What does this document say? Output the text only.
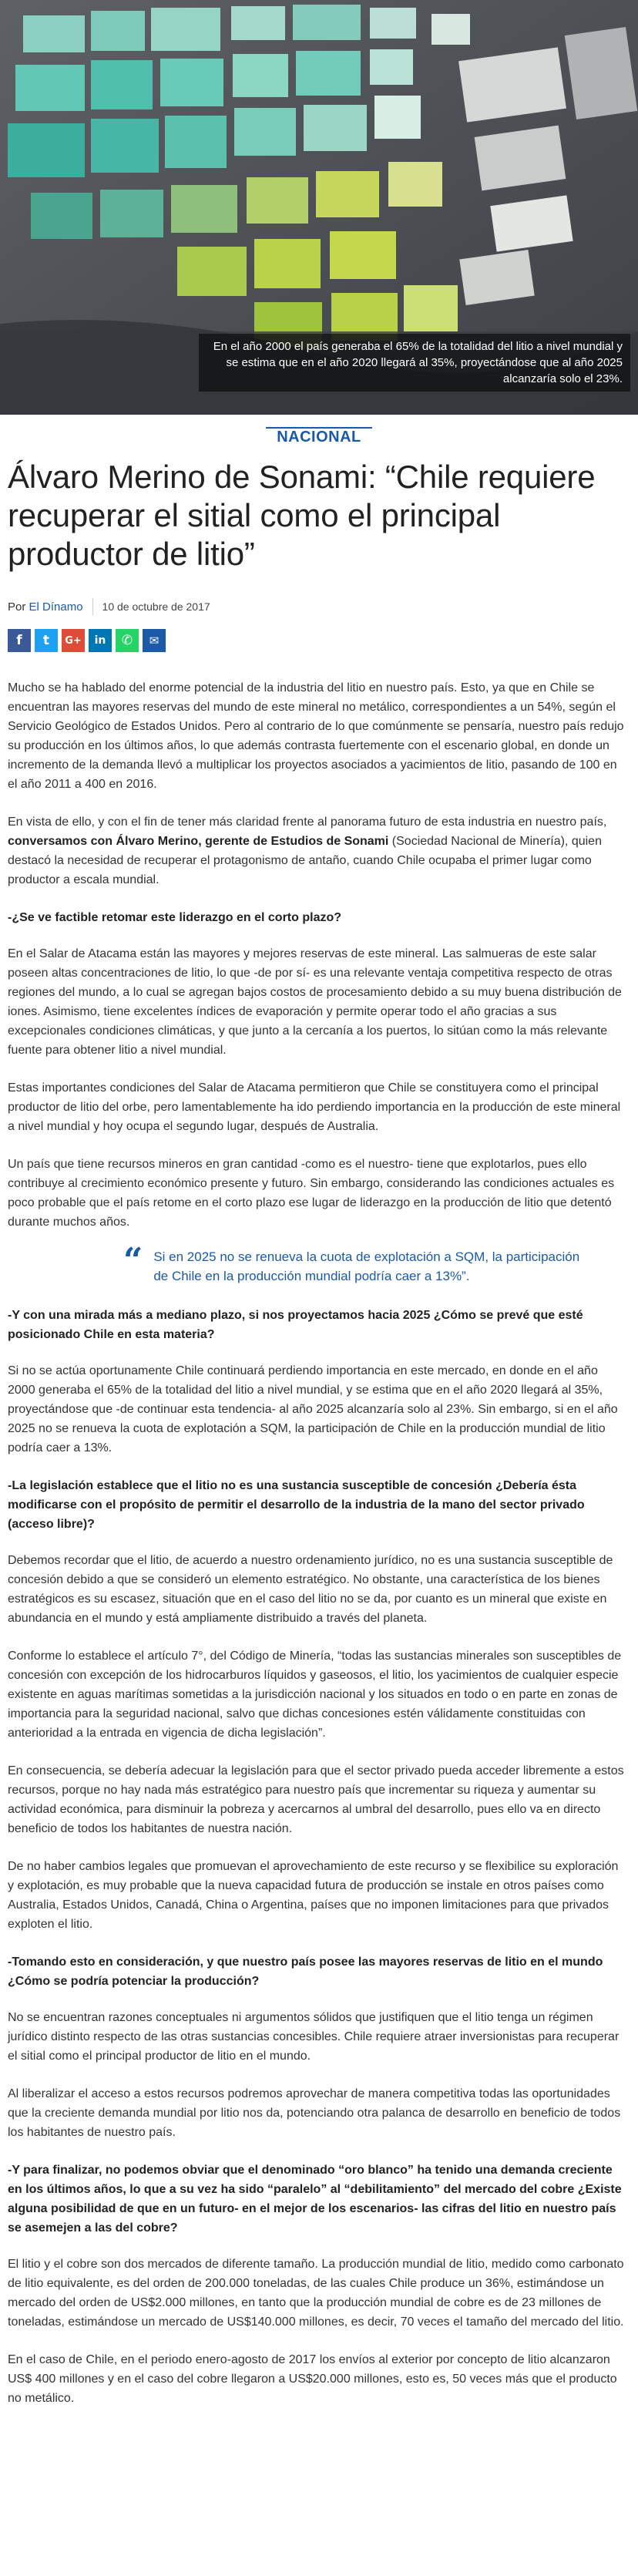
En el año 2000 el país generaba el 65% de la totalidad del litio a nivel mundial y se estima que en el año 2020 llegará al 35%, proyectándose que al año 2025 alcanzaría solo el 23%.
NACIONAL
Álvaro Merino de Sonami: “Chile requiere recuperar el sitial como el principal productor de litio”
Por El Dínamo 10 de octubre de 2017
f t G+ in ✆ ✉

Mucho se ha hablado del enorme potencial de la industria del litio en nuestro país. Esto, ya que en Chile se encuentran las mayores reservas del mundo de este mineral no metálico, correspondientes a un 54%, según el Servicio Geológico de Estados Unidos. Pero al contrario de lo que comúnmente se pensaría, nuestro país redujo su producción en los últimos años, lo que además contrasta fuertemente con el escenario global, en donde un incremento de la demanda llevó a multiplicar los proyectos asociados a yacimientos de litio, pasando de 100 en el año 2011 a 400 en 2016.

En vista de ello, y con el fin de tener más claridad frente al panorama futuro de esta industria en nuestro país, conversamos con Álvaro Merino, gerente de Estudios de Sonami (Sociedad Nacional de Minería), quien destacó la necesidad de recuperar el protagonismo de antaño, cuando Chile ocupaba el primer lugar como productor a escala mundial.

-¿Se ve factible retomar este liderazgo en el corto plazo?

En el Salar de Atacama están las mayores y mejores reservas de este mineral. Las salmueras de este salar poseen altas concentraciones de litio, lo que -de por sí- es una relevante ventaja competitiva respecto de otras regiones del mundo, a lo cual se agregan bajos costos de procesamiento debido a su muy buena distribución de iones. Asimismo, tiene excelentes índices de evaporación y permite operar todo el año gracias a sus excepcionales condiciones climáticas, y que junto a la cercanía a los puertos, lo sitúan como la más relevante fuente para obtener litio a nivel mundial.

Estas importantes condiciones del Salar de Atacama permitieron que Chile se constituyera como el principal productor de litio del orbe, pero lamentablemente ha ido perdiendo importancia en la producción de este mineral a nivel mundial y hoy ocupa el segundo lugar, después de Australia.

Un país que tiene recursos mineros en gran cantidad -como es el nuestro- tiene que explotarlos, pues ello contribuye al crecimiento económico presente y futuro. Sin embargo, considerando las condiciones actuales es poco probable que el país retome en el corto plazo ese lugar de liderazgo en la producción de litio que detentó durante muchos años.

“ Si en 2025 no se renueva la cuota de explotación a SQM, la participación de Chile en la producción mundial podría caer a 13%”.

-Y con una mirada más a mediano plazo, si nos proyectamos hacia 2025 ¿Cómo se prevé que esté posicionado Chile en esta materia?

Si no se actúa oportunamente Chile continuará perdiendo importancia en este mercado, en donde en el año 2000 generaba el 65% de la totalidad del litio a nivel mundial, y se estima que en el año 2020 llegará al 35%, proyectándose que -de continuar esta tendencia- al año 2025 alcanzaría solo al 23%. Sin embargo, si en el año 2025 no se renueva la cuota de explotación a SQM, la participación de Chile en la producción mundial de litio podría caer a 13%.

-La legislación establece que el litio no es una sustancia susceptible de concesión ¿Debería ésta modificarse con el propósito de permitir el desarrollo de la industria de la mano del sector privado (acceso libre)?

Debemos recordar que el litio, de acuerdo a nuestro ordenamiento jurídico, no es una sustancia susceptible de concesión debido a que se consideró un elemento estratégico. No obstante, una característica de los bienes estratégicos es su escasez, situación que en el caso del litio no se da, por cuanto es un mineral que existe en abundancia en el mundo y está ampliamente distribuido a través del planeta.

Conforme lo establece el artículo 7°, del Código de Minería, “todas las sustancias minerales son susceptibles de concesión con excepción de los hidrocarburos líquidos y gaseosos, el litio, los yacimientos de cualquier especie existente en aguas marítimas sometidas a la jurisdicción nacional y los situados en todo o en parte en zonas de importancia para la seguridad nacional, salvo que dichas concesiones estén válidamente constituidas con anterioridad a la entrada en vigencia de dicha legislación”.

En consecuencia, se debería adecuar la legislación para que el sector privado pueda acceder libremente a estos recursos, porque no hay nada más estratégico para nuestro país que incrementar su riqueza y aumentar su actividad económica, para disminuir la pobreza y acercarnos al umbral del desarrollo, pues ello va en directo beneficio de todos los habitantes de nuestra nación.

De no haber cambios legales que promuevan el aprovechamiento de este recurso y se flexibilice su exploración y explotación, es muy probable que la nueva capacidad futura de producción se instale en otros países como Australia, Estados Unidos, Canadá, China o Argentina, países que no imponen limitaciones para que privados exploten el litio.

-Tomando esto en consideración, y que nuestro país posee las mayores reservas de litio en el mundo ¿Cómo se podría potenciar la producción?

No se encuentran razones conceptuales ni argumentos sólidos que justifiquen que el litio tenga un régimen jurídico distinto respecto de las otras sustancias concesibles. Chile requiere atraer inversionistas para recuperar el sitial como el principal productor de litio en el mundo.

Al liberalizar el acceso a estos recursos podremos aprovechar de manera competitiva todas las oportunidades que la creciente demanda mundial por litio nos da, potenciando otra palanca de desarrollo en beneficio de todos los habitantes de nuestro país.

-Y para finalizar, no podemos obviar que el denominado “oro blanco” ha tenido una demanda creciente en los últimos años, lo que a su vez ha sido “paralelo” al “debilitamiento” del mercado del cobre ¿Existe alguna posibilidad de que en un futuro- en el mejor de los escenarios- las cifras del litio en nuestro país se asemejen a las del cobre?

El litio y el cobre son dos mercados de diferente tamaño. La producción mundial de litio, medido como carbonato de litio equivalente, es del orden de 200.000 toneladas, de las cuales Chile produce un 36%, estimándose un mercado del orden de US$2.000 millones, en tanto que la producción mundial de cobre es de 23 millones de toneladas, estimándose un mercado de US$140.000 millones, es decir, 70 veces el tamaño del mercado del litio.

En el caso de Chile, en el periodo enero-agosto de 2017 los envíos al exterior por concepto de litio alcanzaron US$ 400 millones y en el caso del cobre llegaron a US$20.000 millones, esto es, 50 veces más que el producto no metálico.
